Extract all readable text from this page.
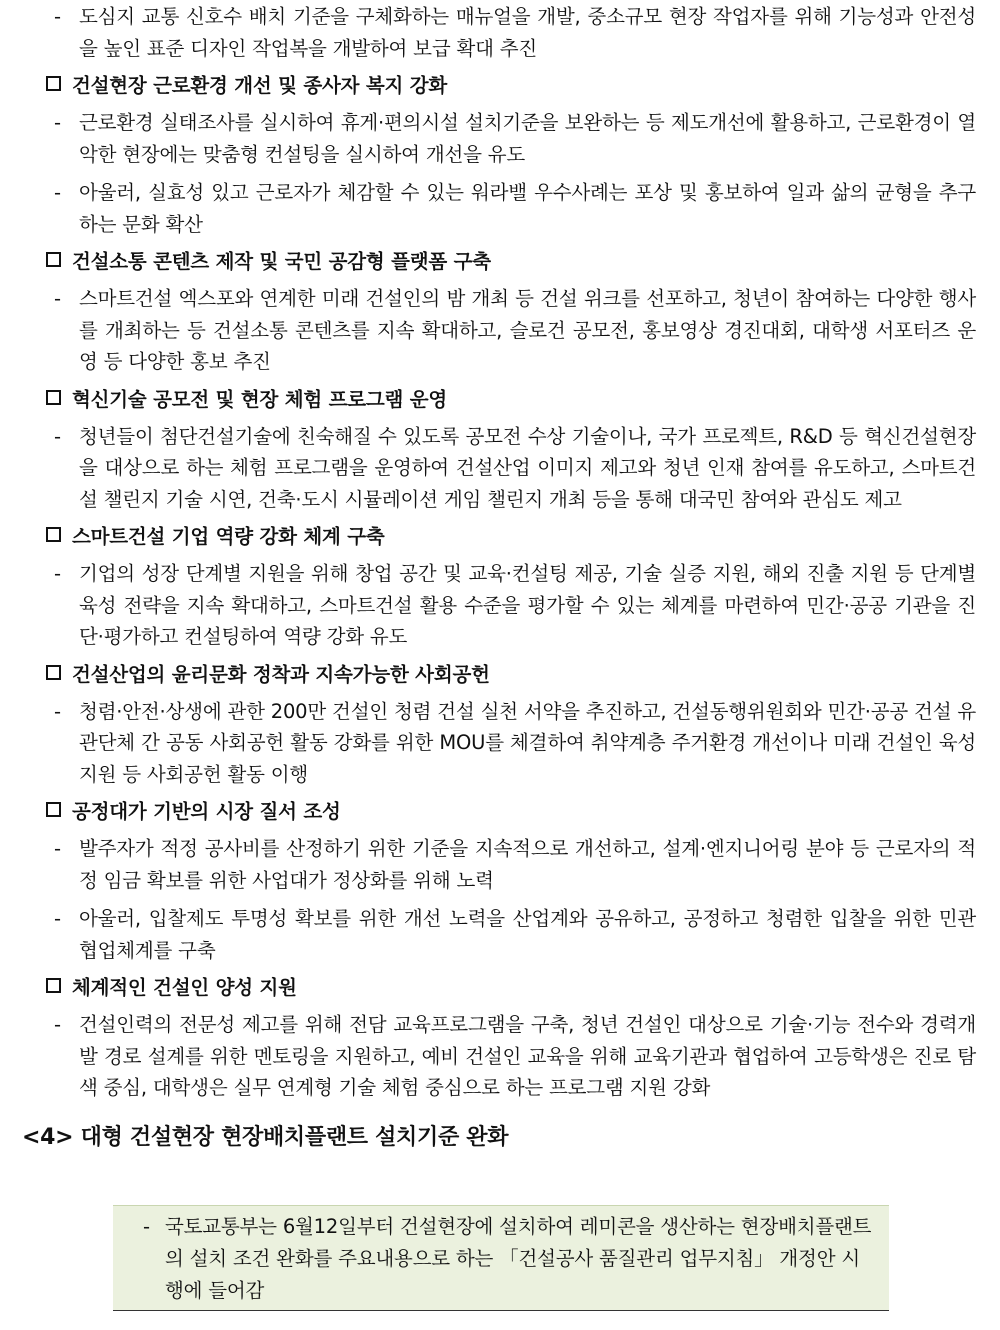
- 도심지 교통 신호수 배치 기준을 구체화하는 매뉴얼을 개발, 중소규모 현장 작업자를 위해 기능성과 안전성을 높인 표준 디자인 작업복을 개발하여 보급 확대 추진
건설현장 근로환경 개선 및 종사자 복지 강화
- 근로환경 실태조사를 실시하여 휴게·편의시설 설치기준을 보완하는 등 제도개선에 활용하고, 근로환경이 열악한 현장에는 맞춤형 컨설팅을 실시하여 개선을 유도
- 아울러, 실효성 있고 근로자가 체감할 수 있는 워라밸 우수사례는 포상 및 홍보하여 일과 삶의 균형을 추구하는 문화 확산
건설소통 콘텐츠 제작 및 국민 공감형 플랫폼 구축
- 스마트건설 엑스포와 연계한 미래 건설인의 밤 개최 등 건설 위크를 선포하고, 청년이 참여하는 다양한 행사를 개최하는 등 건설소통 콘텐츠를 지속 확대하고, 슬로건 공모전, 홍보영상 경진대회, 대학생 서포터즈 운영 등 다양한 홍보 추진
혁신기술 공모전 및 현장 체험 프로그램 운영
- 청년들이 첨단건설기술에 친숙해질 수 있도록 공모전 수상 기술이나, 국가 프로젝트, R&D 등 혁신건설현장을 대상으로 하는 체험 프로그램을 운영하여 건설산업 이미지 제고와 청년 인재 참여를 유도하고, 스마트건설 챌린지 기술 시연, 건축·도시 시뮬레이션 게임 챌린지 개최 등을 통해 대국민 참여와 관심도 제고
스마트건설 기업 역량 강화 체계 구축
- 기업의 성장 단계별 지원을 위해 창업 공간 및 교육·컨설팅 제공, 기술 실증 지원, 해외 진출 지원 등 단계별 육성 전략을 지속 확대하고, 스마트건설 활용 수준을 평가할 수 있는 체계를 마련하여 민간·공공 기관을 진단·평가하고 컨설팅하여 역량 강화 유도
건설산업의 윤리문화 정착과 지속가능한 사회공헌
- 청렴·안전·상생에 관한 200만 건설인 청렴 건설 실천 서약을 추진하고, 건설동행위원회와 민간·공공 건설 유관단체 간 공동 사회공헌 활동 강화를 위한 MOU를 체결하여 취약계층 주거환경 개선이나 미래 건설인 육성 지원 등 사회공헌 활동 이행
공정대가 기반의 시장 질서 조성
- 발주자가 적정 공사비를 산정하기 위한 기준을 지속적으로 개선하고, 설계·엔지니어링 분야 등 근로자의 적정 임금 확보를 위한 사업대가 정상화를 위해 노력
- 아울러, 입찰제도 투명성 확보를 위한 개선 노력을 산업계와 공유하고, 공정하고 청렴한 입찰을 위한 민관 협업체계를 구축
체계적인 건설인 양성 지원
- 건설인력의 전문성 제고를 위해 전담 교육프로그램을 구축, 청년 건설인 대상으로 기술·기능 전수와 경력개발 경로 설계를 위한 멘토링을 지원하고, 예비 건설인 교육을 위해 교육기관과 협업하여 고등학생은 진로 탐색 중심, 대학생은 실무 연계형 기술 체험 중심으로 하는 프로그램 지원 강화
<4> 대형 건설현장 현장배치플랜트 설치기준 완화
- 국토교통부는 6월12일부터 건설현장에 설치하여 레미콘을 생산하는 현장배치플랜트의 설치 조건 완화를 주요내용으로 하는 「건설공사 품질관리 업무지침」 개정안 시행에 들어감
